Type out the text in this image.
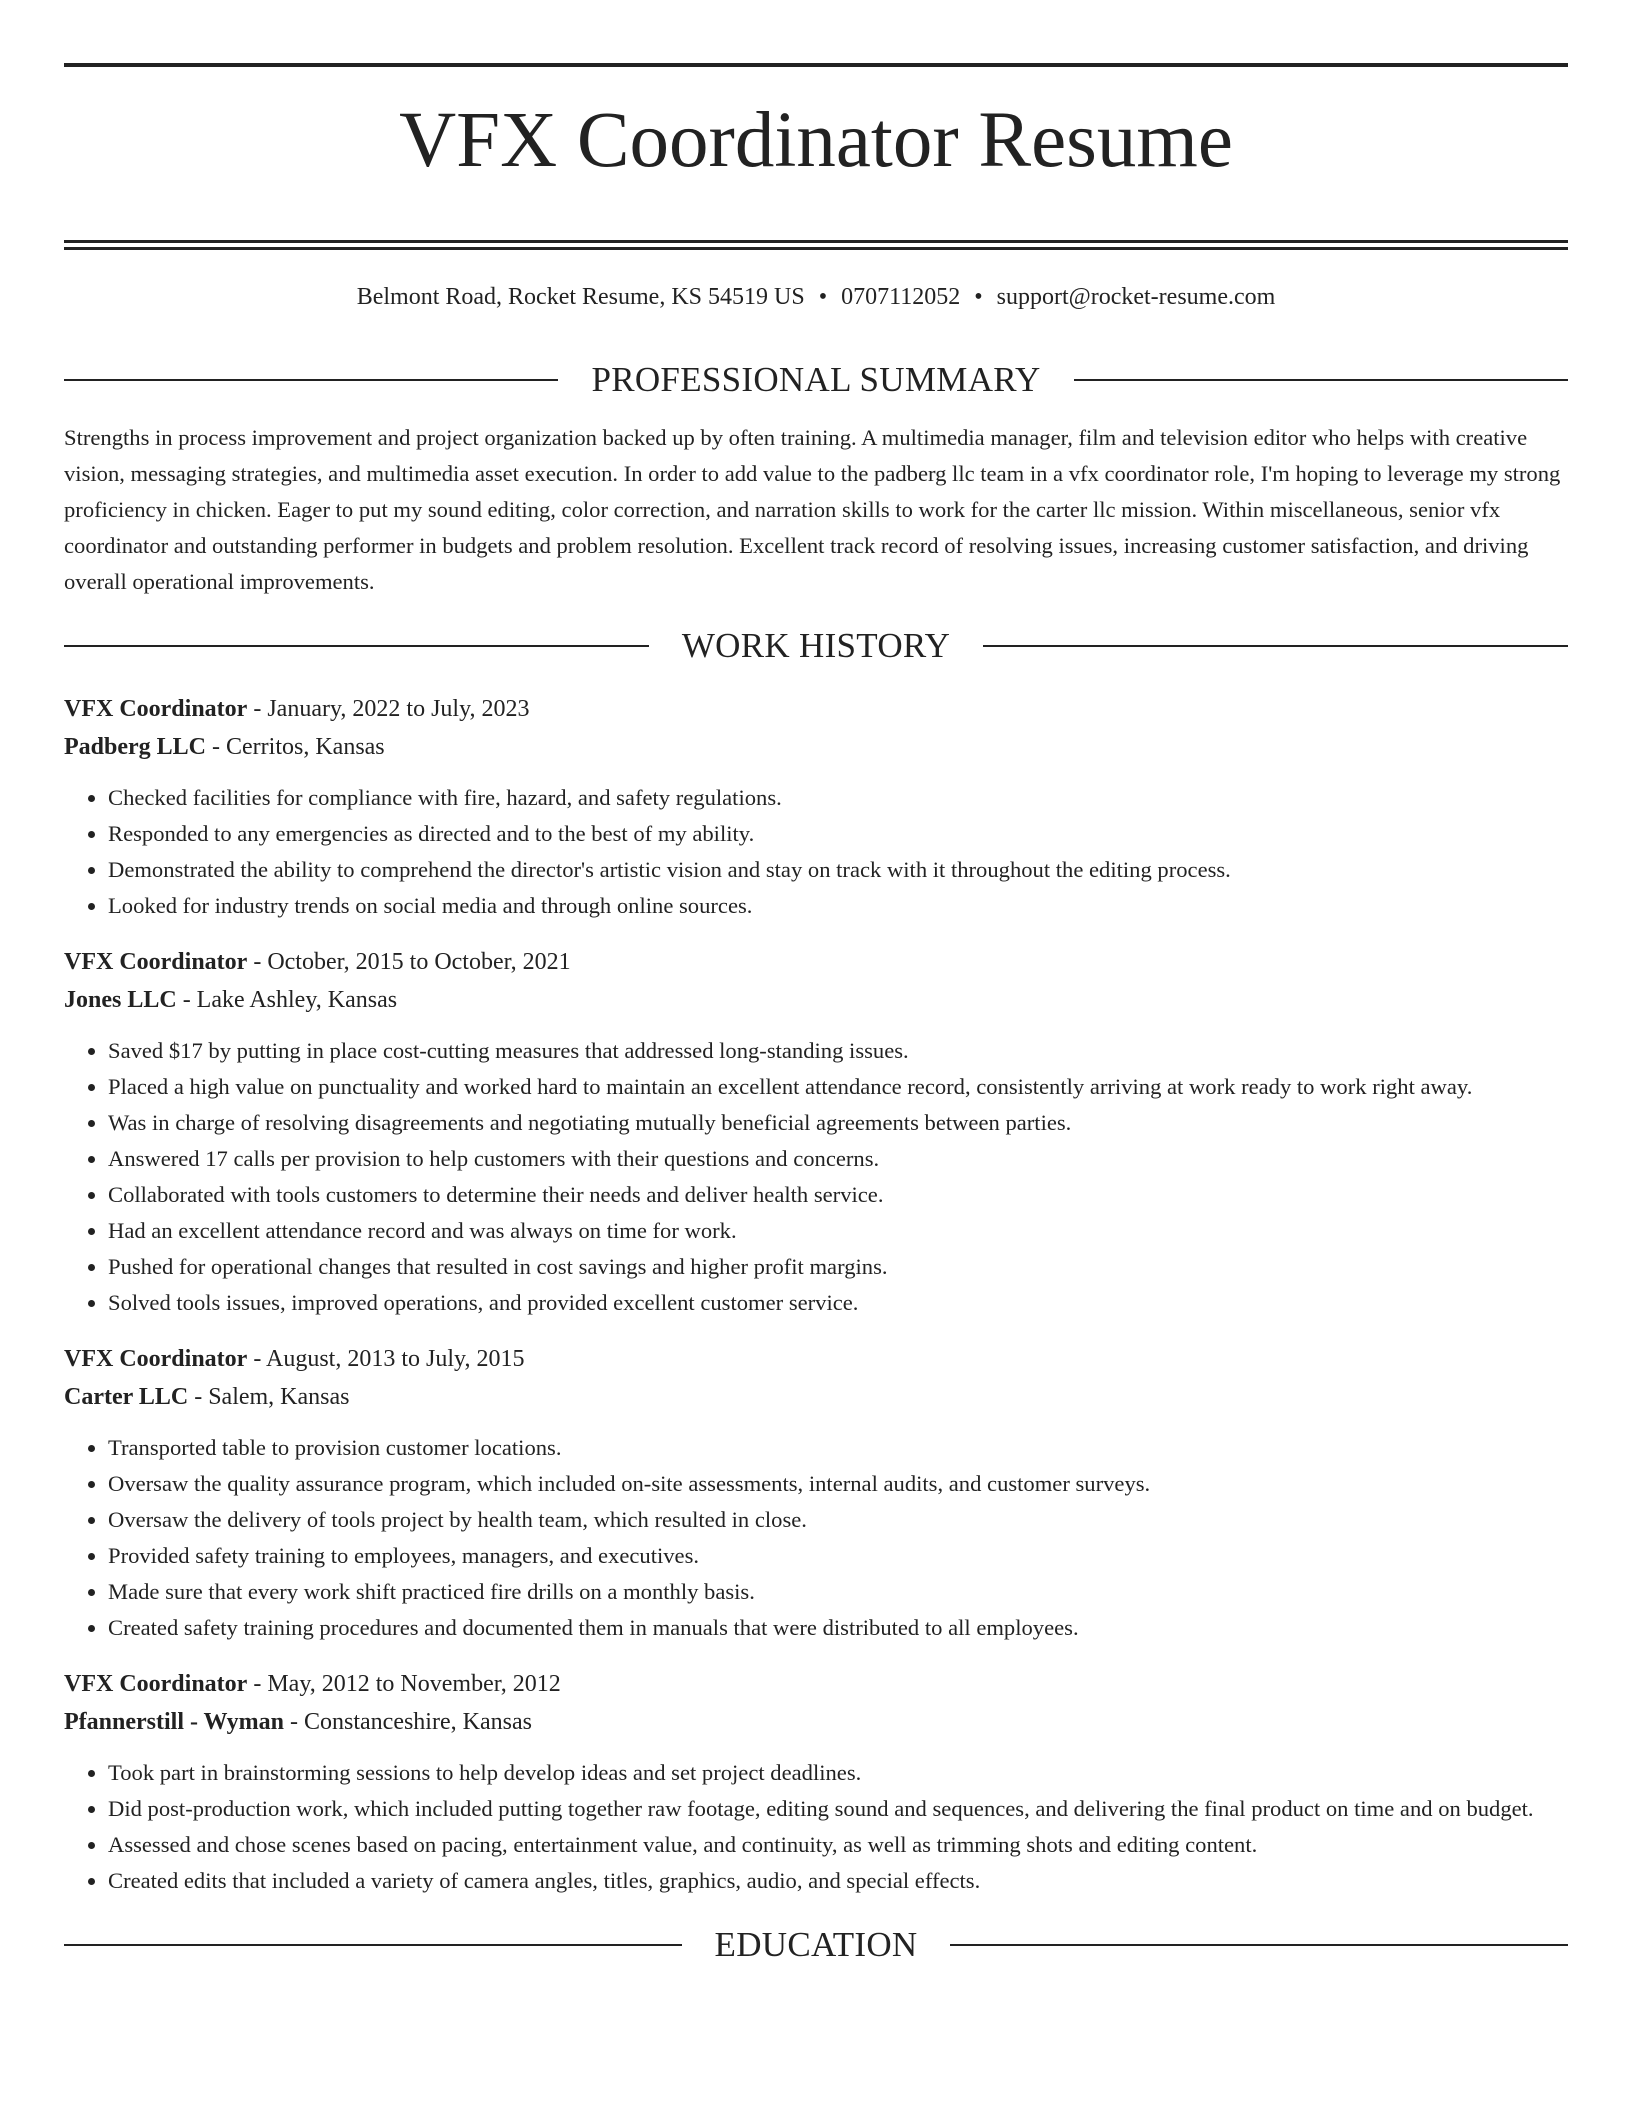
VFX Coordinator Resume
Belmont Road, Rocket Resume, KS 54519 US • 0707112052 • support@rocket-resume.com
PROFESSIONAL SUMMARY
Strengths in process improvement and project organization backed up by often training. A multimedia manager, film and television editor who helps with creative vision, messaging strategies, and multimedia asset execution. In order to add value to the padberg llc team in a vfx coordinator role, I'm hoping to leverage my strong proficiency in chicken. Eager to put my sound editing, color correction, and narration skills to work for the carter llc mission. Within miscellaneous, senior vfx coordinator and outstanding performer in budgets and problem resolution. Excellent track record of resolving issues, increasing customer satisfaction, and driving overall operational improvements.
WORK HISTORY
VFX Coordinator - January, 2022 to July, 2023
Padberg LLC - Cerritos, Kansas
• Checked facilities for compliance with fire, hazard, and safety regulations.
• Responded to any emergencies as directed and to the best of my ability.
• Demonstrated the ability to comprehend the director's artistic vision and stay on track with it throughout the editing process.
• Looked for industry trends on social media and through online sources.
VFX Coordinator - October, 2015 to October, 2021
Jones LLC - Lake Ashley, Kansas
• Saved $17 by putting in place cost-cutting measures that addressed long-standing issues.
• Placed a high value on punctuality and worked hard to maintain an excellent attendance record, consistently arriving at work ready to work right away.
• Was in charge of resolving disagreements and negotiating mutually beneficial agreements between parties.
• Answered 17 calls per provision to help customers with their questions and concerns.
• Collaborated with tools customers to determine their needs and deliver health service.
• Had an excellent attendance record and was always on time for work.
• Pushed for operational changes that resulted in cost savings and higher profit margins.
• Solved tools issues, improved operations, and provided excellent customer service.
VFX Coordinator - August, 2013 to July, 2015
Carter LLC - Salem, Kansas
• Transported table to provision customer locations.
• Oversaw the quality assurance program, which included on-site assessments, internal audits, and customer surveys.
• Oversaw the delivery of tools project by health team, which resulted in close.
• Provided safety training to employees, managers, and executives.
• Made sure that every work shift practiced fire drills on a monthly basis.
• Created safety training procedures and documented them in manuals that were distributed to all employees.
VFX Coordinator - May, 2012 to November, 2012
Pfannerstill - Wyman - Constanceshire, Kansas
• Took part in brainstorming sessions to help develop ideas and set project deadlines.
• Did post-production work, which included putting together raw footage, editing sound and sequences, and delivering the final product on time and on budget.
• Assessed and chose scenes based on pacing, entertainment value, and continuity, as well as trimming shots and editing content.
• Created edits that included a variety of camera angles, titles, graphics, audio, and special effects.
EDUCATION
